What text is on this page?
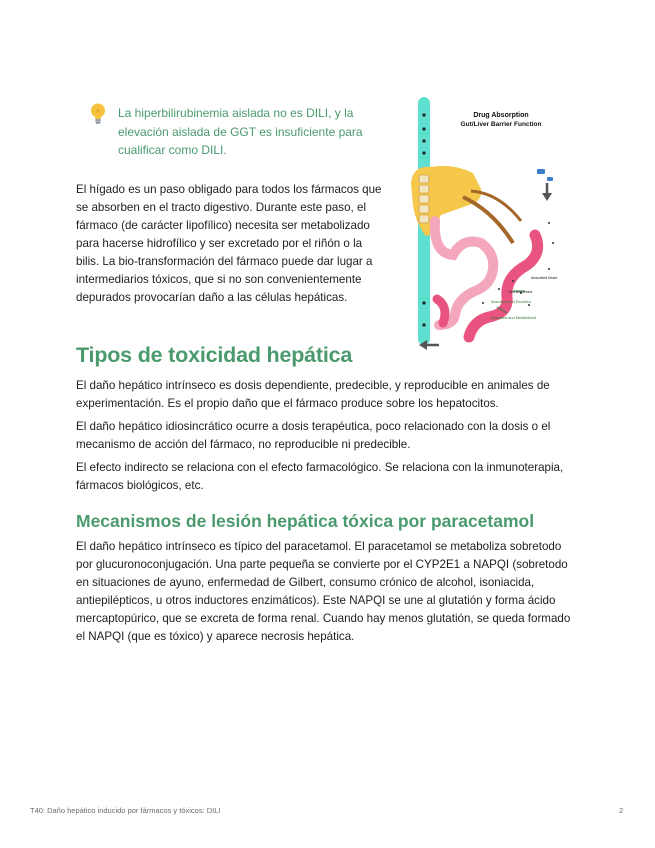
La hiperbilirubinemia aislada no es DILI, y la elevación aislada de GGT es insuficiente para cualificar como DILI.

El hígado es un paso obligado para todos los fármacos que se absorben en el tracto digestivo. Durante este paso, el fármaco (de carácter lipofílico) necesita ser metabolizado para hacerse hidrofílico y ser excretado por el riñón o la bilis. La bio-transformación del fármaco puede dar lugar a intermediarios tóxicos, que si no son convenientemente depurados provocarían daño a las células hepáticas.

Drug Absorption
Gut/Liver Barrier Function
Absorbed intact
Not Absorbed
Absorbed and Excreted
Absorbed and Metabolized
Tipos de toxicidad hepática

El daño hepático intrínseco es dosis dependiente, predecible, y reproducible en animales de experimentación. Es el propio daño que el fármaco produce sobre los hepatocitos.

El daño hepático idiosincrático ocurre a dosis terapéutica, poco relacionado con la dosis o el mecanismo de acción del fármaco, no reproducible ni predecible.

El efecto indirecto se relaciona con el efecto farmacológico. Se relaciona con la inmunoterapia, fármacos biológicos, etc.

Mecanismos de lesión hepática tóxica por paracetamol

El daño hepático intrínseco es típico del paracetamol. El paracetamol se metaboliza sobretodo por glucuronoconjugación. Una parte pequeña se convierte por el CYP2E1 a NAPQI (sobretodo en situaciones de ayuno, enfermedad de Gilbert, consumo crónico de alcohol, isoniacida, antiepilépticos, u otros inductores enzimáticos). Este NAPQI se une al glutatión y forma ácido mercaptopúrico, que se excreta de forma renal. Cuando hay menos glutatión, se queda formado el NAPQI (que es tóxico) y aparece necrosis hepática.

T40: Daño hepático inducido por fármacos y tóxicos: DILI	2
